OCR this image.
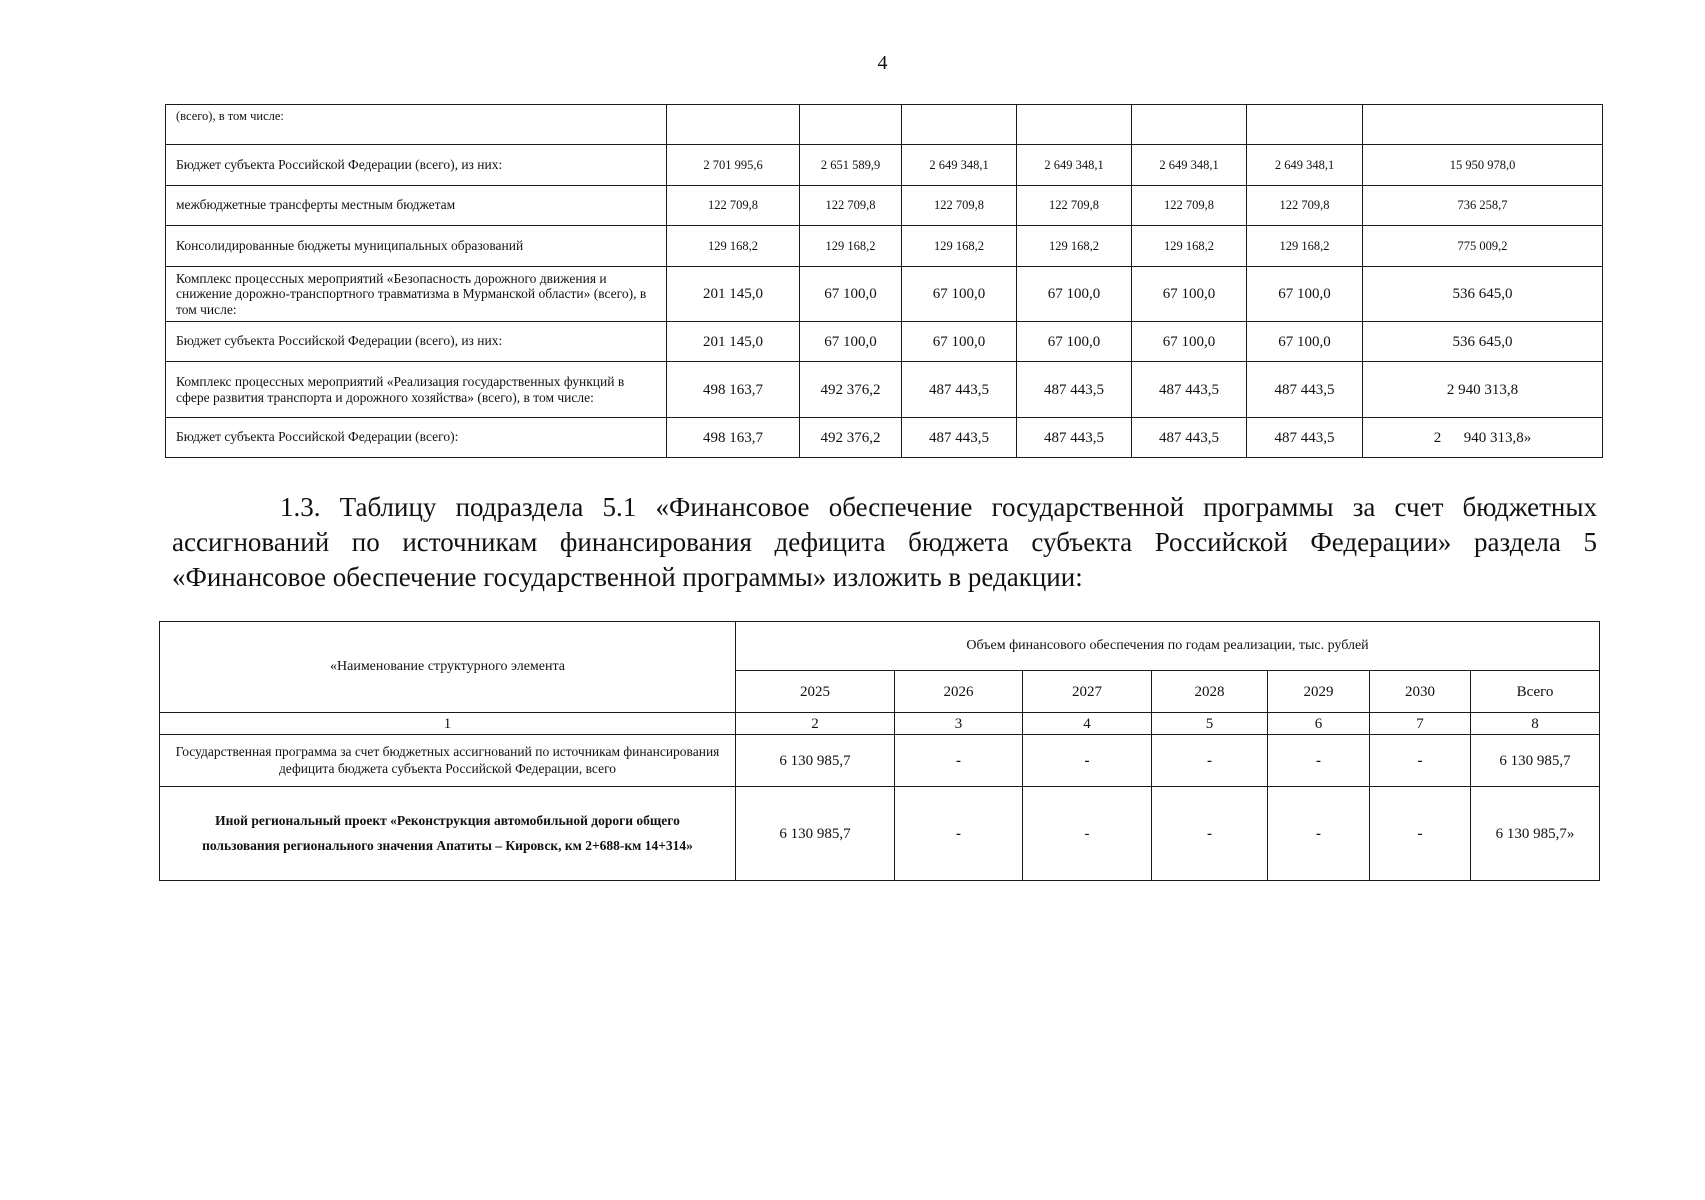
4
(всего), в том числе:							
Бюджет субъекта Российской Федерации (всего), из них:	2 701 995,6	2 651 589,9	2 649 348,1	2 649 348,1	2 649 348,1	2 649 348,1	15 950 978,0
межбюджетные трансферты местным бюджетам	122 709,8	122 709,8	122 709,8	122 709,8	122 709,8	122 709,8	736 258,7
Консолидированные бюджеты муниципальных образований	129 168,2	129 168,2	129 168,2	129 168,2	129 168,2	129 168,2	775 009,2
Комплекс процессных мероприятий «Безопасность дорожного движения и снижение дорожно-транспортного травматизма в Мурманской области» (всего), в том числе:	201 145,0	67 100,0	67 100,0	67 100,0	67 100,0	67 100,0	536 645,0
Бюджет субъекта Российской Федерации (всего), из них:	201 145,0	67 100,0	67 100,0	67 100,0	67 100,0	67 100,0	536 645,0
Комплекс процессных мероприятий «Реализация государственных функций в сфере развития транспорта и дорожного хозяйства» (всего), в том числе:	498 163,7	492 376,2	487 443,5	487 443,5	487 443,5	487 443,5	2 940 313,8
Бюджет субъекта Российской Федерации (всего):	498 163,7	492 376,2	487 443,5	487 443,5	487 443,5	487 443,5	2      940 313,8»

1.3. Таблицу подраздела 5.1 «Финансовое обеспечение государственной программы за счет бюджетных ассигнований по источникам финансирования дефицита бюджета субъекта Российской Федерации» раздела 5 «Финансовое обеспечение государственной программы» изложить в редакции:

«Наименование структурного элемента	Объем финансового обеспечения по годам реализации, тыс. рублей						
	2025	2026	2027	2028	2029	2030	Всего
1	2	3	4	5	6	7	8
Государственная программа за счет бюджетных ассигнований по источникам финансирования дефицита бюджета субъекта Российской Федерации, всего	6 130 985,7	-	-	-	-	-	6 130 985,7
Иной региональный проект «Реконструкция автомобильной дороги общего пользования регионального значения Апатиты – Кировск, км 2+688-км 14+314»	6 130 985,7	-	-	-	-	-	6 130 985,7»
